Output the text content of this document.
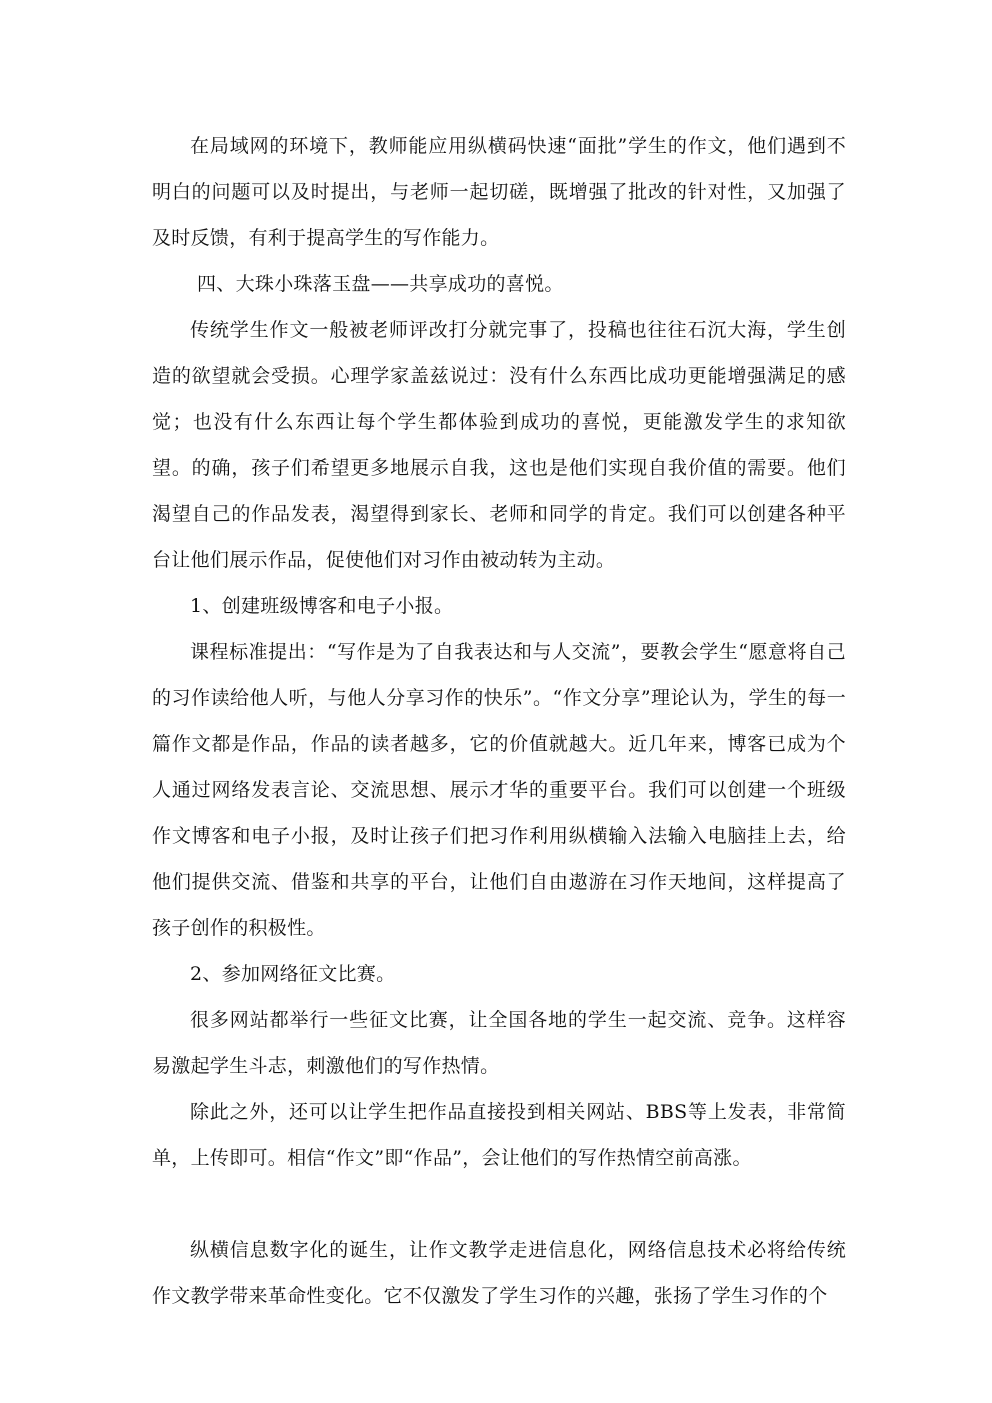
在局域网的环境下，教师能应用纵横码快速“面批”学生的作文，他们遇到不明白的问题可以及时提出，与老师一起切磋，既增强了批改的针对性，又加强了及时反馈，有利于提高学生的写作能力。

四、大珠小珠落玉盘——共享成功的喜悦。

传统学生作文一般被老师评改打分就完事了，投稿也往往石沉大海，学生创造的欲望就会受损。心理学家盖兹说过：没有什么东西比成功更能增强满足的感觉；也没有什么东西让每个学生都体验到成功的喜悦，更能激发学生的求知欲望。的确，孩子们希望更多地展示自我，这也是他们实现自我价值的需要。他们渴望自己的作品发表，渴望得到家长、老师和同学的肯定。我们可以创建各种平台让他们展示作品，促使他们对习作由被动转为主动。

1、创建班级博客和电子小报。

课程标准提出：“写作是为了自我表达和与人交流”，要教会学生“愿意将自己的习作读给他人听，与他人分享习作的快乐”。“作文分享”理论认为，学生的每一篇作文都是作品，作品的读者越多，它的价值就越大。近几年来，博客已成为个人通过网络发表言论、交流思想、展示才华的重要平台。我们可以创建一个班级作文博客和电子小报，及时让孩子们把习作利用纵横输入法输入电脑挂上去，给他们提供交流、借鉴和共享的平台，让他们自由遨游在习作天地间，这样提高了孩子创作的积极性。

2、参加网络征文比赛。

很多网站都举行一些征文比赛，让全国各地的学生一起交流、竞争。这样容易激起学生斗志，刺激他们的写作热情。

除此之外，还可以让学生把作品直接投到相关网站、BBS等上发表，非常简单，上传即可。相信“作文”即“作品”，会让他们的写作热情空前高涨。

纵横信息数字化的诞生，让作文教学走进信息化，网络信息技术必将给传统作文教学带来革命性变化。它不仅激发了学生习作的兴趣，张扬了学生习作的个
